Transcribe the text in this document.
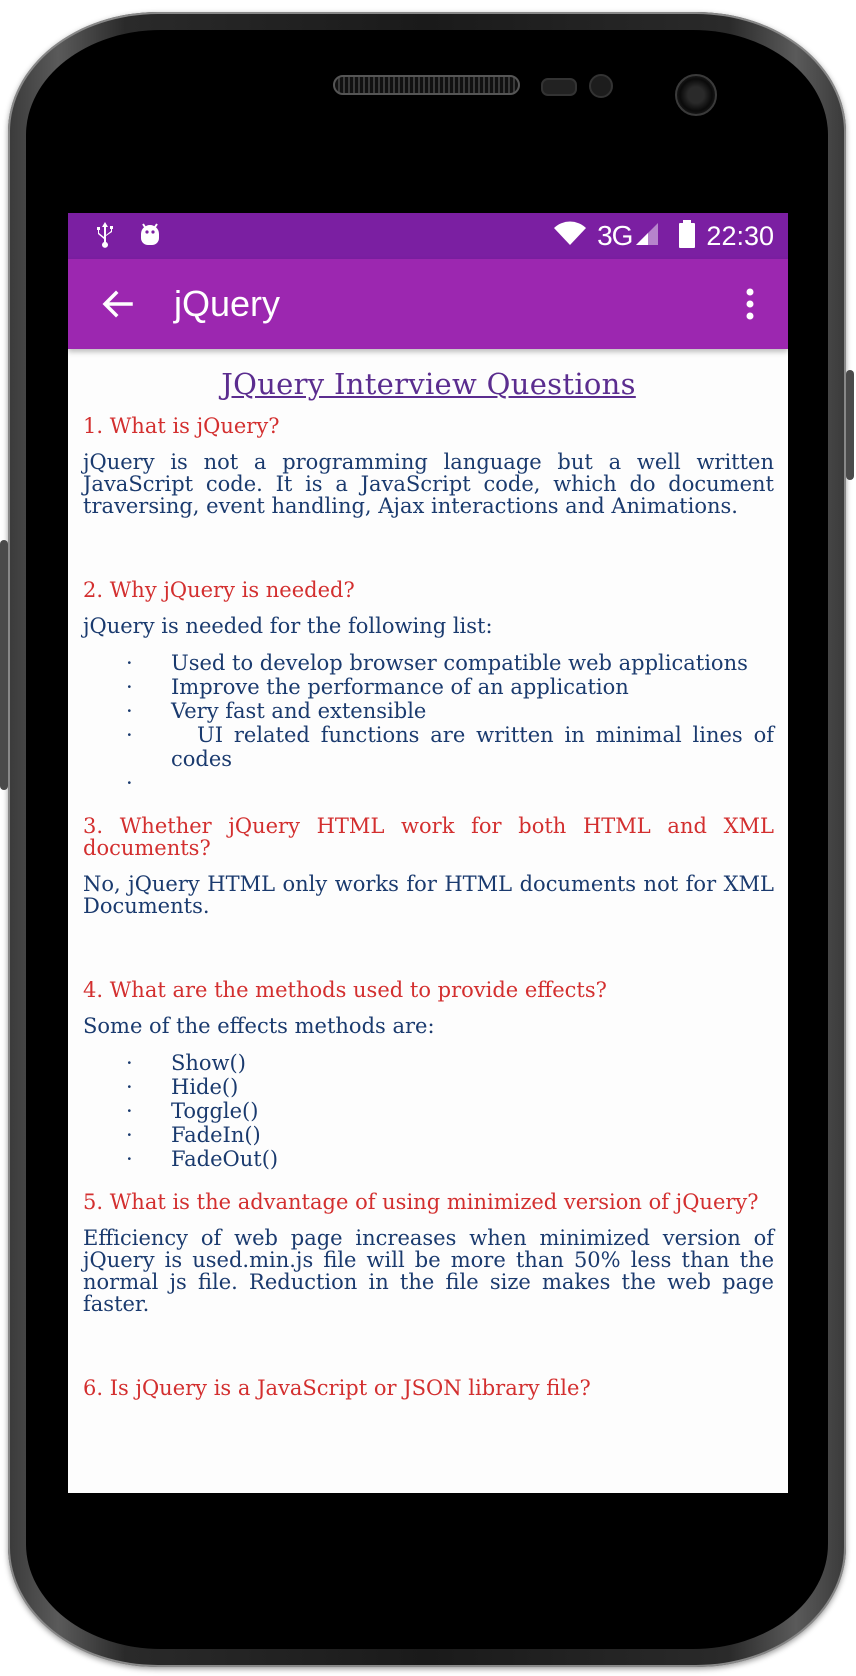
3G	22:30
jQuery
JQuery Interview Questions

1. What is jQuery?

jQuery is not a programming language but a well written JavaScript code. It is a JavaScript code, which do document traversing, event handling, Ajax interactions and Animations.

2. Why jQuery is needed?

jQuery is needed for the following list:

·	Used to develop browser compatible web applications
·	Improve the performance of an application
·	Very fast and extensible
·	UI related functions are written in minimal lines of codes
·

3. Whether jQuery HTML work for both HTML and XML documents?

No, jQuery HTML only works for HTML documents not for XML Documents.

4. What are the methods used to provide effects?

Some of the effects methods are:

·	Show()
·	Hide()
·	Toggle()
·	FadeIn()
·	FadeOut()

5. What is the advantage of using minimized version of jQuery?

Efficiency of web page increases when minimized version of jQuery is used.min.js file will be more than 50% less than the normal js file. Reduction in the file size makes the web page faster.

6. Is jQuery is a JavaScript or JSON library file?
